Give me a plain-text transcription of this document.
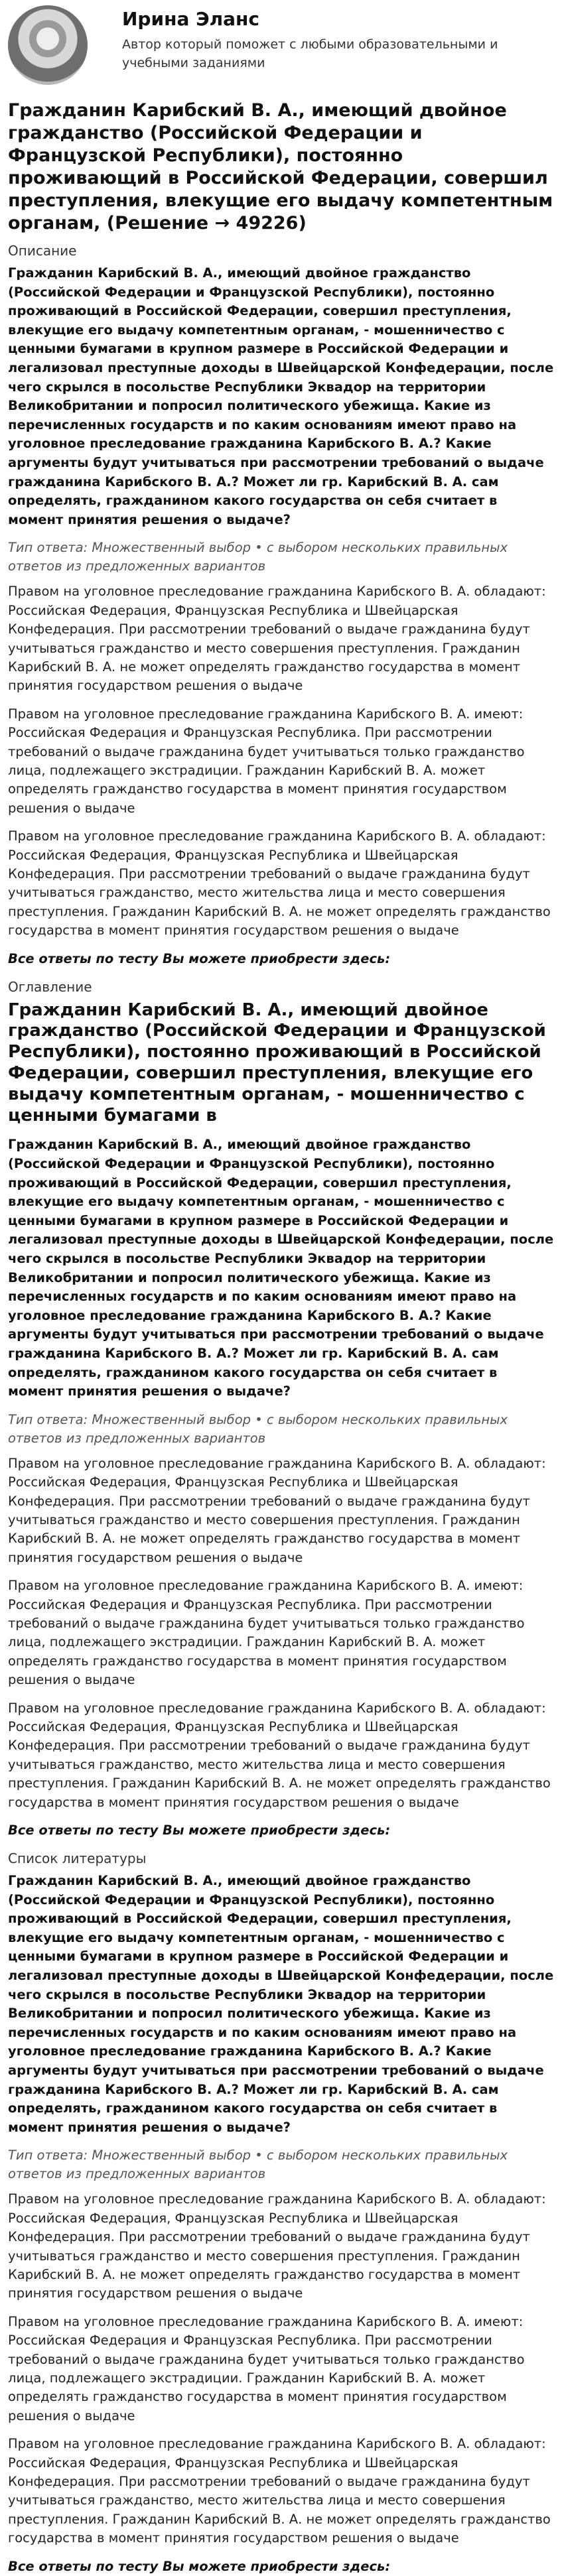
Ирина Эланс
Автор который поможет с любыми образовательными и учебными заданиями
Гражданин Карибский В. А., имеющий двойное гражданство (Российской Федерации и Французской Республики), постоянно проживающий в Российской Федерации, совершил преступления, влекущие его выдачу компетентным органам, (Решение → 49226)
Описание
Гражданин Карибский В. А., имеющий двойное гражданство (Российской Федерации и Французской Республики), постоянно проживающий в Российской Федерации, совершил преступления, влекущие его выдачу компетентным органам, - мошенничество с ценными бумагами в крупном размере в Российской Федерации и легализовал преступные доходы в Швейцарской Конфедерации, после чего скрылся в посольстве Республики Эквадор на территории Великобритании и попросил политического убежища. Какие из перечисленных государств и по каким основаниям имеют право на уголовное преследование гражданина Карибского В. А.? Какие аргументы будут учитываться при рассмотрении требований о выдаче гражданина Карибского В. А.? Может ли гр. Карибский В. А. сам определять, гражданином какого государства он себя считает в момент принятия решения о выдаче?
Тип ответа: Множественный выбор • с выбором нескольких правильных ответов из предложенных вариантов
Правом на уголовное преследование гражданина Карибского В. А. обладают: Российская Федерация, Французская Республика и Швейцарская Конфедерация. При рассмотрении требований о выдаче гражданина будут учитываться гражданство и место совершения преступления. Гражданин Карибский В. А. не может определять гражданство государства в момент принятия государством решения о выдаче
Правом на уголовное преследование гражданина Карибского В. А. имеют: Российская Федерация и Французская Республика. При рассмотрении требований о выдаче гражданина будет учитываться только гражданство лица, подлежащего экстрадиции. Гражданин Карибский В. А. может определять гражданство государства в момент принятия государством решения о выдаче
Правом на уголовное преследование гражданина Карибского В. А. обладают: Российская Федерация, Французская Республика и Швейцарская Конфедерация. При рассмотрении требований о выдаче гражданина будут учитываться гражданство, место жительства лица и место совершения преступления. Гражданин Карибский В. А. не может определять гражданство государства в момент принятия государством решения о выдаче
Все ответы по тесту Вы можете приобрести здесь:
Оглавление
Гражданин Карибский В. А., имеющий двойное гражданство (Российской Федерации и Французской Республики), постоянно проживающий в Российской Федерации, совершил преступления, влекущие его выдачу компетентным органам, - мошенничество с ценными бумагами в
Гражданин Карибский В. А., имеющий двойное гражданство (Российской Федерации и Французской Республики), постоянно проживающий в Российской Федерации, совершил преступления, влекущие его выдачу компетентным органам, - мошенничество с ценными бумагами в крупном размере в Российской Федерации и легализовал преступные доходы в Швейцарской Конфедерации, после чего скрылся в посольстве Республики Эквадор на территории Великобритании и попросил политического убежища. Какие из перечисленных государств и по каким основаниям имеют право на уголовное преследование гражданина Карибского В. А.? Какие аргументы будут учитываться при рассмотрении требований о выдаче гражданина Карибского В. А.? Может ли гр. Карибский В. А. сам определять, гражданином какого государства он себя считает в момент принятия решения о выдаче?
Тип ответа: Множественный выбор • с выбором нескольких правильных ответов из предложенных вариантов
Правом на уголовное преследование гражданина Карибского В. А. обладают: Российская Федерация, Французская Республика и Швейцарская Конфедерация. При рассмотрении требований о выдаче гражданина будут учитываться гражданство и место совершения преступления. Гражданин Карибский В. А. не может определять гражданство государства в момент принятия государством решения о выдаче
Правом на уголовное преследование гражданина Карибского В. А. имеют: Российская Федерация и Французская Республика. При рассмотрении требований о выдаче гражданина будет учитываться только гражданство лица, подлежащего экстрадиции. Гражданин Карибский В. А. может определять гражданство государства в момент принятия государством решения о выдаче
Правом на уголовное преследование гражданина Карибского В. А. обладают: Российская Федерация, Французская Республика и Швейцарская Конфедерация. При рассмотрении требований о выдаче гражданина будут учитываться гражданство, место жительства лица и место совершения преступления. Гражданин Карибский В. А. не может определять гражданство государства в момент принятия государством решения о выдаче
Все ответы по тесту Вы можете приобрести здесь:
Список литературы
Гражданин Карибский В. А., имеющий двойное гражданство (Российской Федерации и Французской Республики), постоянно проживающий в Российской Федерации, совершил преступления, влекущие его выдачу компетентным органам, - мошенничество с ценными бумагами в крупном размере в Российской Федерации и легализовал преступные доходы в Швейцарской Конфедерации, после чего скрылся в посольстве Республики Эквадор на территории Великобритании и попросил политического убежища. Какие из перечисленных государств и по каким основаниям имеют право на уголовное преследование гражданина Карибского В. А.? Какие аргументы будут учитываться при рассмотрении требований о выдаче гражданина Карибского В. А.? Может ли гр. Карибский В. А. сам определять, гражданином какого государства он себя считает в момент принятия решения о выдаче?
Тип ответа: Множественный выбор • с выбором нескольких правильных ответов из предложенных вариантов
Правом на уголовное преследование гражданина Карибского В. А. обладают: Российская Федерация, Французская Республика и Швейцарская Конфедерация. При рассмотрении требований о выдаче гражданина будут учитываться гражданство и место совершения преступления. Гражданин Карибский В. А. не может определять гражданство государства в момент принятия государством решения о выдаче
Правом на уголовное преследование гражданина Карибского В. А. имеют: Российская Федерация и Французская Республика. При рассмотрении требований о выдаче гражданина будет учитываться только гражданство лица, подлежащего экстрадиции. Гражданин Карибский В. А. может определять гражданство государства в момент принятия государством решения о выдаче
Правом на уголовное преследование гражданина Карибского В. А. обладают: Российская Федерация, Французская Республика и Швейцарская Конфедерация. При рассмотрении требований о выдаче гражданина будут учитываться гражданство, место жительства лица и место совершения преступления. Гражданин Карибский В. А. не может определять гражданство государства в момент принятия государством решения о выдаче
Все ответы по тесту Вы можете приобрести здесь:
